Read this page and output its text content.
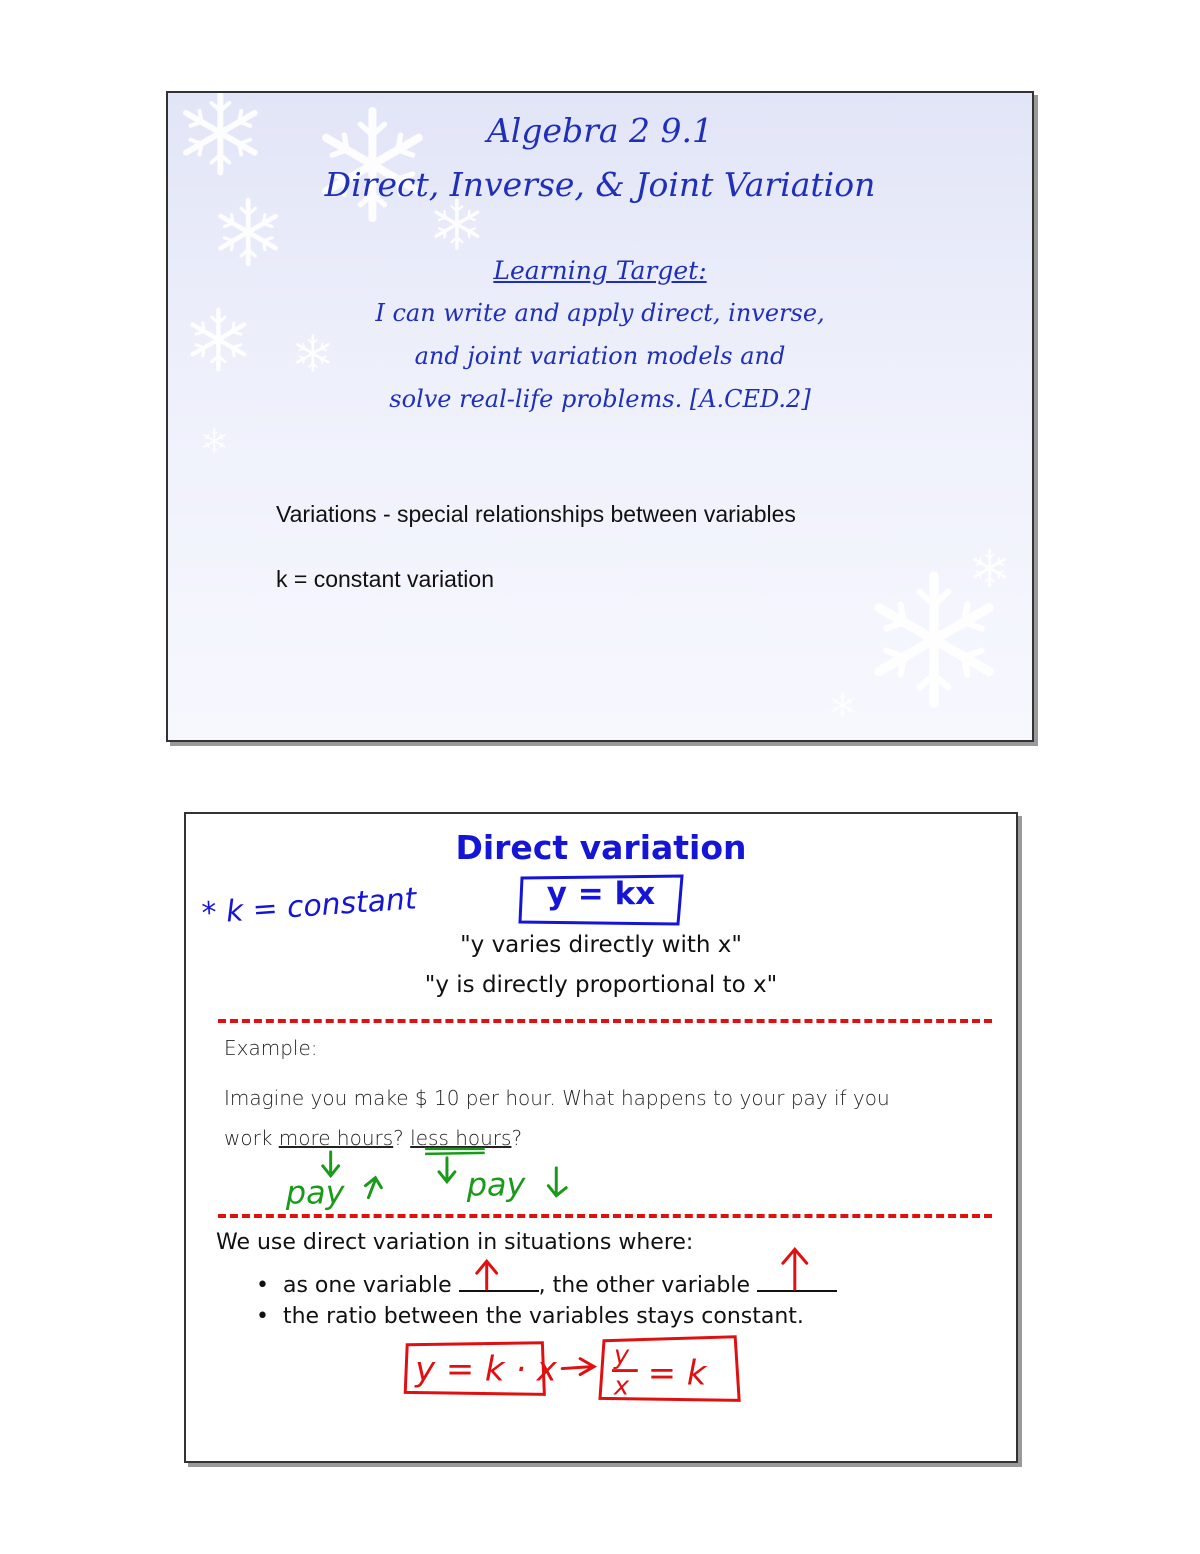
Algebra 2 9.1
Direct, Inverse, & Joint Variation
Learning Target:
I can write and apply direct, inverse,
and joint variation models and
solve real-life problems. [A.CED.2]
Variations - special relationships between variables
k = constant variation
Direct variation
y = kx
"y varies directly with x"
"y is directly proportional to x"
Example:
Imagine you make $ 10 per hour. What happens to your pay if you
work more hours? less hours?
We use direct variation in situations where:
• as one variable	, the other variable
• the ratio between the variables stays constant.
* k = constant
pay	pay
y = k · x y
x = k
